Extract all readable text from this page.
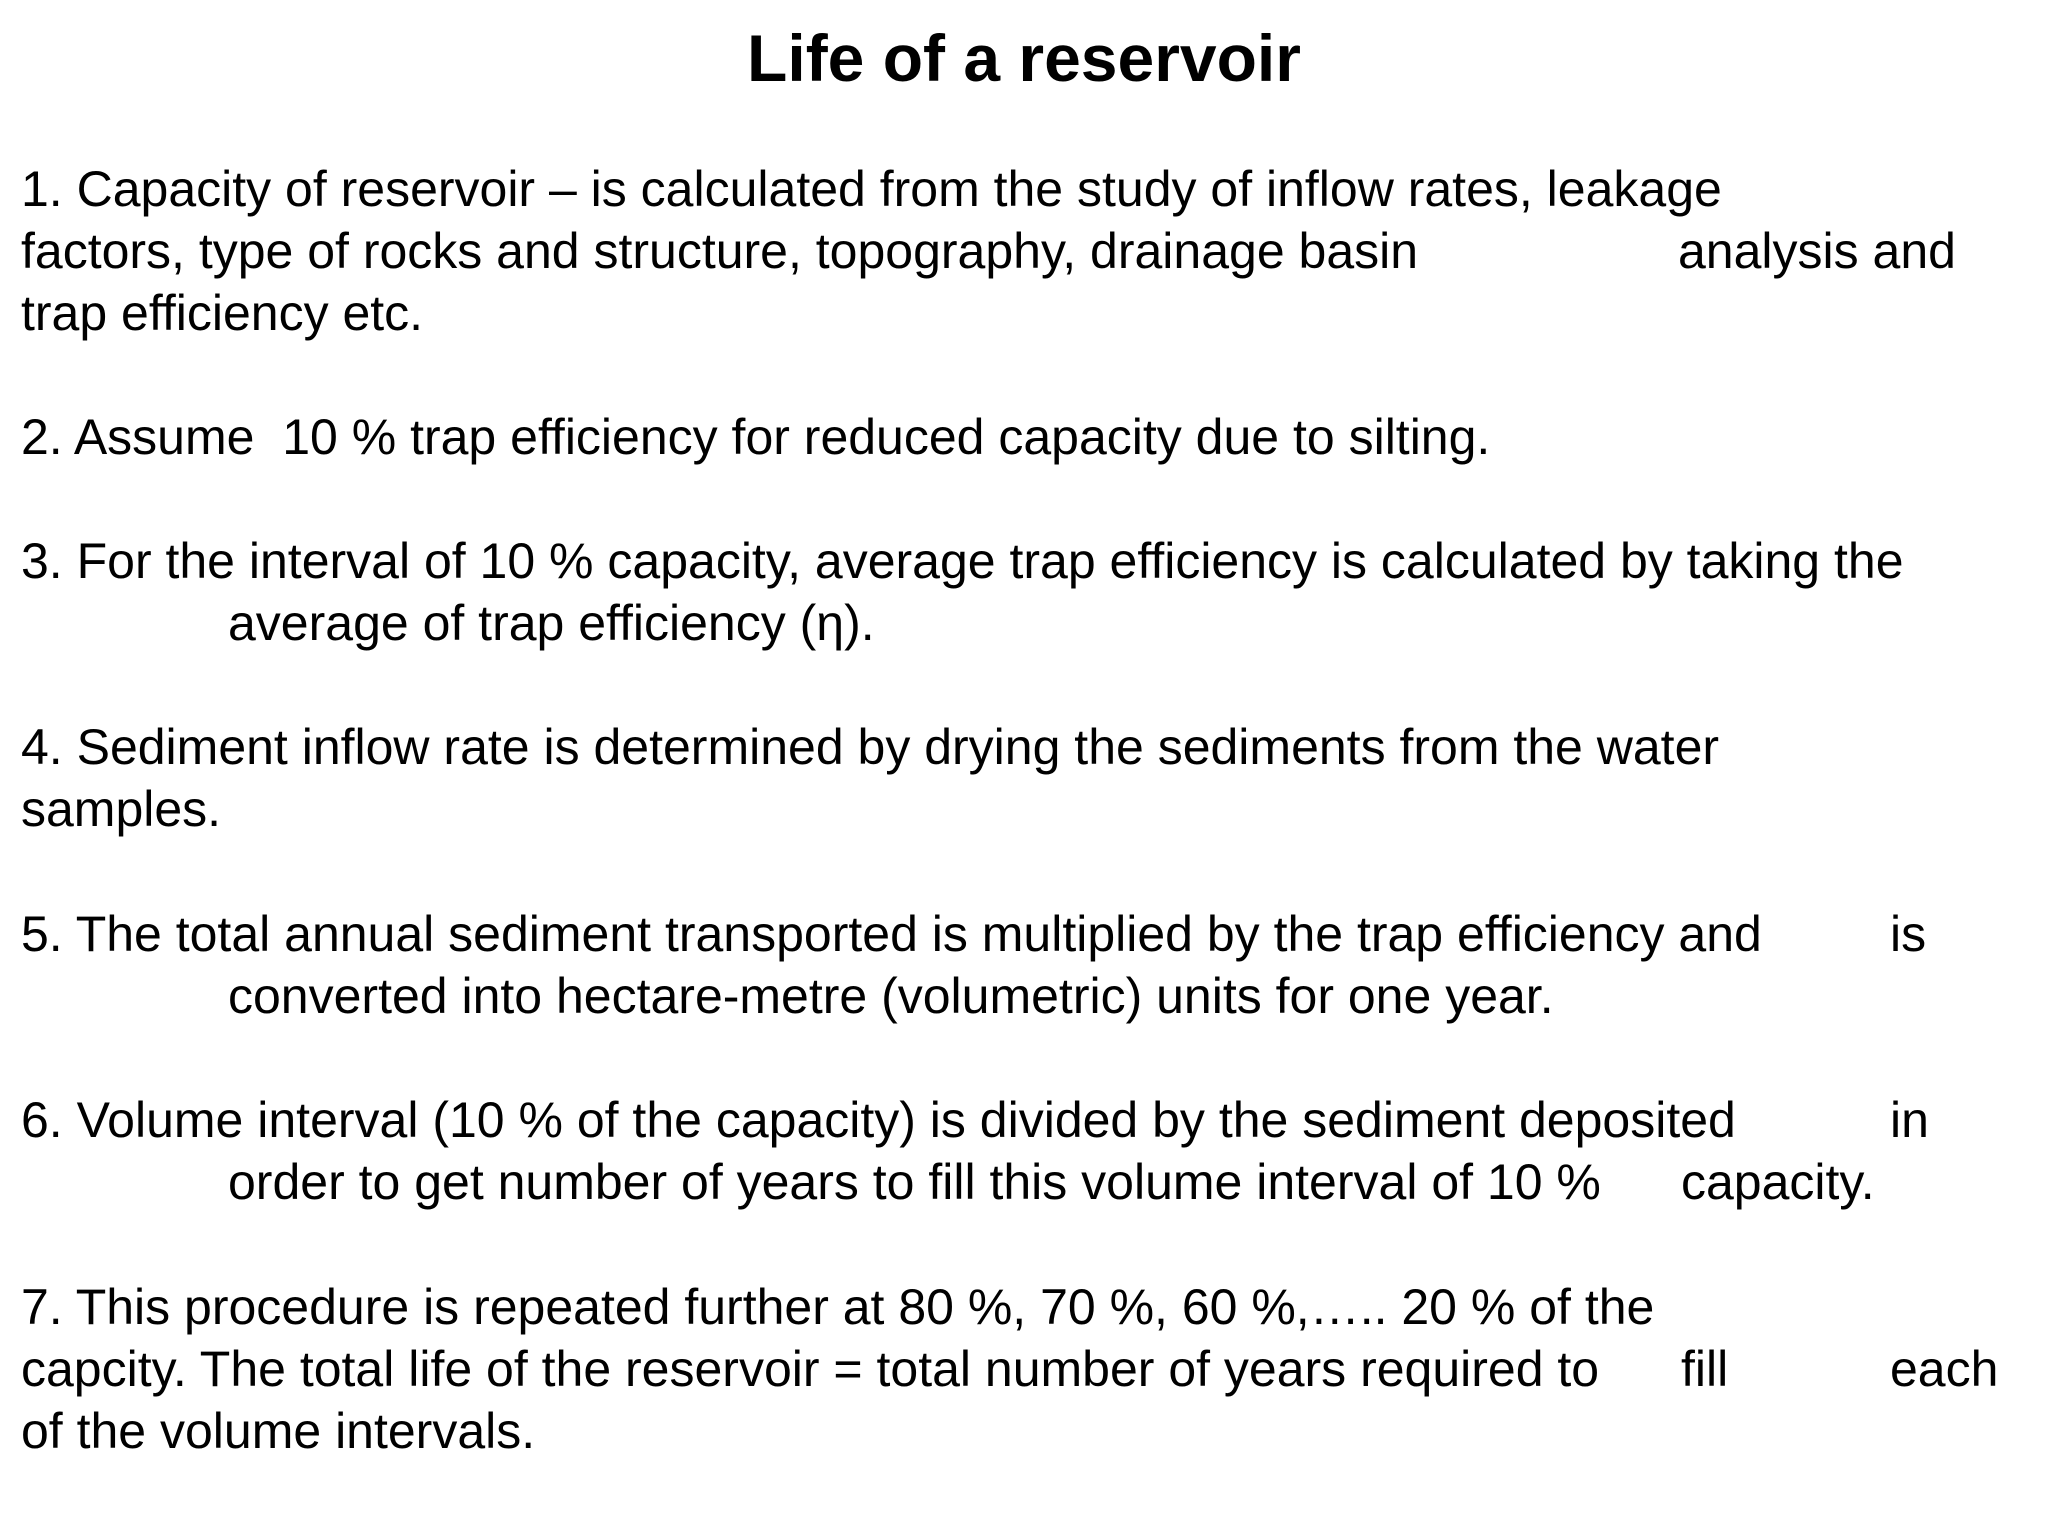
Life of a reservoir
1. Capacity of reservoir – is calculated from the study of inflow rates, leakage
factors, type of rocks and structure, topography, drainage basin	analysis and
trap efficiency etc.
2. Assume  10 % trap efficiency for reduced capacity due to silting.
3. For the interval of 10 % capacity, average trap efficiency is calculated by taking the
average of trap efficiency (η).
4. Sediment inflow rate is determined by drying the sediments from the water
samples.
5. The total annual sediment transported is multiplied by the trap efficiency and	is
converted into hectare-metre (volumetric) units for one year.
6. Volume interval (10 % of the capacity) is divided by the sediment deposited	in
order to get number of years to fill this volume interval of 10 % capacity.
7. This procedure is repeated further at 80 %, 70 %, 60 %,….. 20 % of the
capcity. The total life of the reservoir = total number of years required to fill	each
of the volume intervals.
